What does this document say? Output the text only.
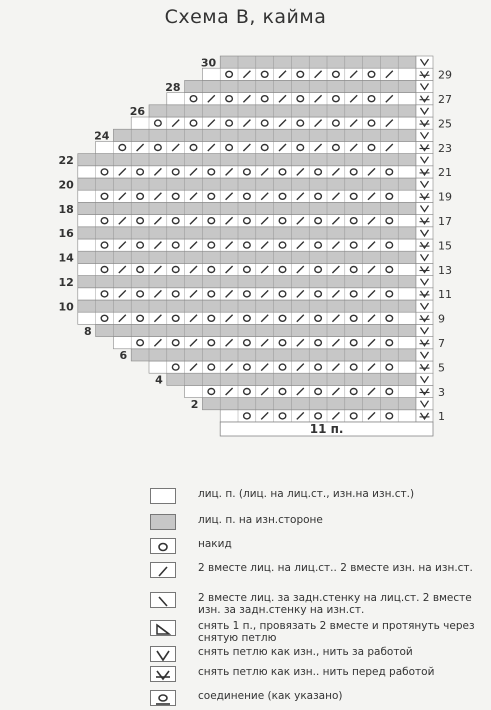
Схема В, кайма
1
3
5
7
9
11
13
15
17
19
21
23
25
27
29
2
4
6
8
10
12
14
16
18
20
22
24
26
28
30
11 п.
лиц. п. (лиц. на лиц.ст., изн.на изн.ст.)
лиц. п. на изн.стороне
накид
2 вместе лиц. на лиц.ст.. 2 вместе изн. на изн.ст.
2 вместе лиц. за задн.стенку на лиц.ст. 2 вместе изн. за задн.стенку на изн.ст.
снять 1 п., провязать 2 вместе и протянуть через снятую петлю
снять петлю как изн., нить за работой
снять петлю как изн.. нить перед работой
соединение (как указано)
